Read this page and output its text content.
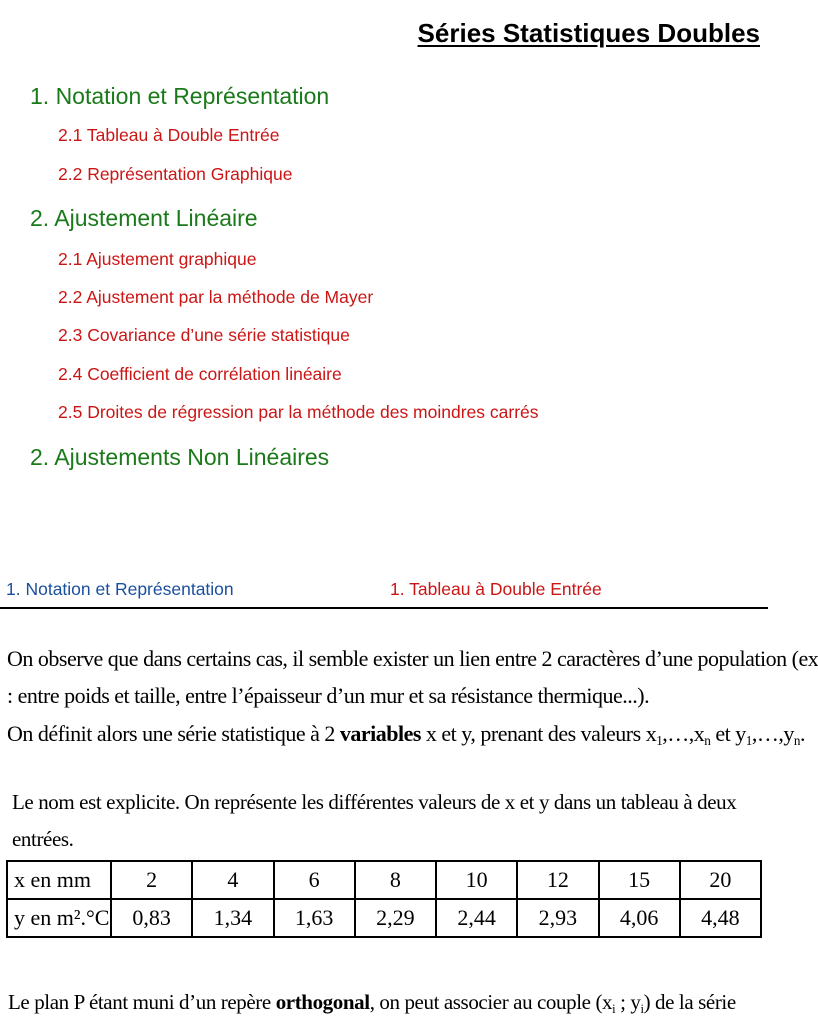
Séries Statistiques Doubles
1. Notation et Représentation
2.1 Tableau à Double Entrée
2.2 Représentation Graphique
2. Ajustement Linéaire
2.1 Ajustement graphique
2.2 Ajustement par la méthode de Mayer
2.3 Covariance d’une série statistique
2.4 Coefficient de corrélation linéaire
2.5 Droites de régression par la méthode des moindres carrés
2. Ajustements Non Linéaires
1. Notation et Représentation	1. Tableau à Double Entrée
On observe que dans certains cas, il semble exister un lien entre 2 caractères d’une population (ex
: entre poids et taille, entre l’épaisseur d’un mur et sa résistance thermique...).
On définit alors une série statistique à 2 variables x et y, prenant des valeurs $x_1,\dots,x_n$ et $y_1,\dots,y_n$.
Le nom est explicite. On représente les différentes valeurs de x et y dans un tableau à deux
entrées.
x en mm	2	4	6	8	10	12	15	20
y en m².°C	0,83	1,34	1,63	2,29	2,44	2,93	4,06	4,48
Le plan P étant muni d’un repère orthogonal, on peut associer au couple ($x_i$ ; $y_i$) de la série
